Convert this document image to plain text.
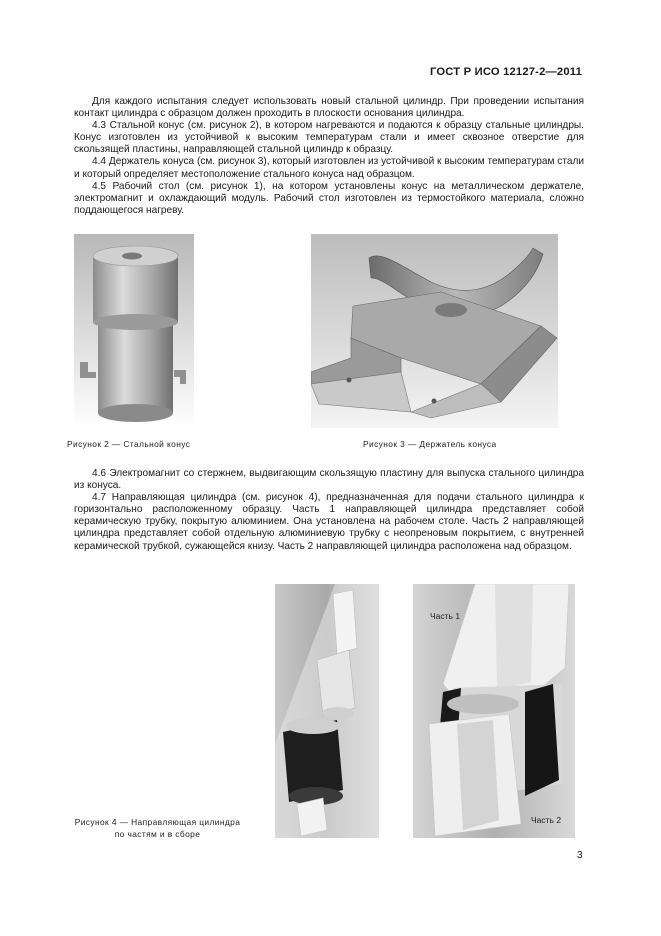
ГОСТ Р ИСО 12127-2—2011

Для каждого испытания следует использовать новый стальной цилиндр. При проведении испытания контакт цилиндра с образцом должен проходить в плоскости основания цилиндра.

4.3 Стальной конус (см. рисунок 2), в котором нагреваются и подаются к образцу стальные цилиндры. Конус изготовлен из устойчивой к высоким температурам стали и имеет сквозное отверстие для скользящей пластины, направляющей стальной цилиндр к образцу.

4.4 Держатель конуса (см. рисунок 3), который изготовлен из устойчивой к высоким температурам стали и который определяет местоположение стального конуса над образцом.

4.5 Рабочий стол (см. рисунок 1), на котором установлены конус на металлическом держателе, электромагнит и охлаждающий модуль. Рабочий стол изготовлен из термостойкого материала, сложно поддающегося нагреву.

Рисунок 2 — Стальной конус	Рисунок 3 — Держатель конуса

4.6 Электромагнит со стержнем, выдвигающим скользящую пластину для выпуска стального цилиндра из конуса.

4.7 Направляющая цилиндра (см. рисунок 4), предназначенная для подачи стального цилиндра к горизонтально расположенному образцу. Часть 1 направляющей цилиндра представляет собой керамическую трубку, покрытую алюминием. Она установлена на рабочем столе. Часть 2 направляющей цилиндра представляет собой отдельную алюминиевую трубку с неопреновым покрытием, с внутренней керамической трубкой, сужающейся книзу. Часть 2 направляющей цилиндра расположена над образцом.

Часть 1
Часть 2
Рисунок 4 — Направляющая цилиндра
по частям и в сборе
3
